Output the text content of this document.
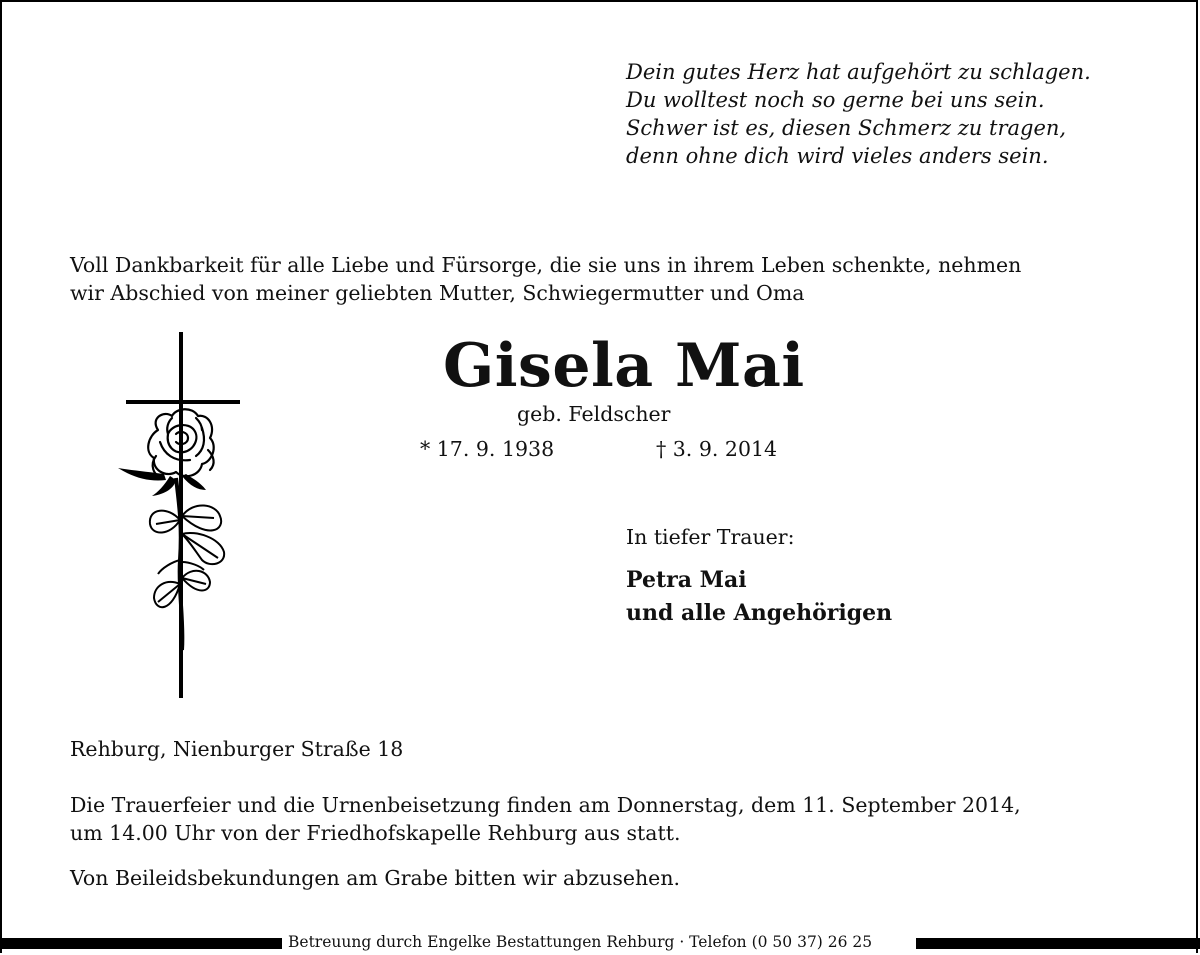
Dein gutes Herz hat aufgehört zu schlagen.
Du wolltest noch so gerne bei uns sein.
Schwer ist es, diesen Schmerz zu tragen,
denn ohne dich wird vieles anders sein.
Voll Dankbarkeit für alle Liebe und Fürsorge, die sie uns in ihrem Leben schenkte, nehmen
wir Abschied von meiner geliebten Mutter, Schwiegermutter und Oma
Gisela Mai
geb. Feldscher
* 17. 9. 1938	† 3. 9. 2014
In tiefer Trauer:
Petra Mai
und alle Angehörigen
Rehburg, Nienburger Straße 18
Die Trauerfeier und die Urnenbeisetzung finden am Donnerstag, dem 11. September 2014,
um 14.00 Uhr von der Friedhofskapelle Rehburg aus statt.
Von Beileidsbekundungen am Grabe bitten wir abzusehen.
Betreuung durch Engelke Bestattungen Rehburg · Telefon (0 50 37) 26 25
